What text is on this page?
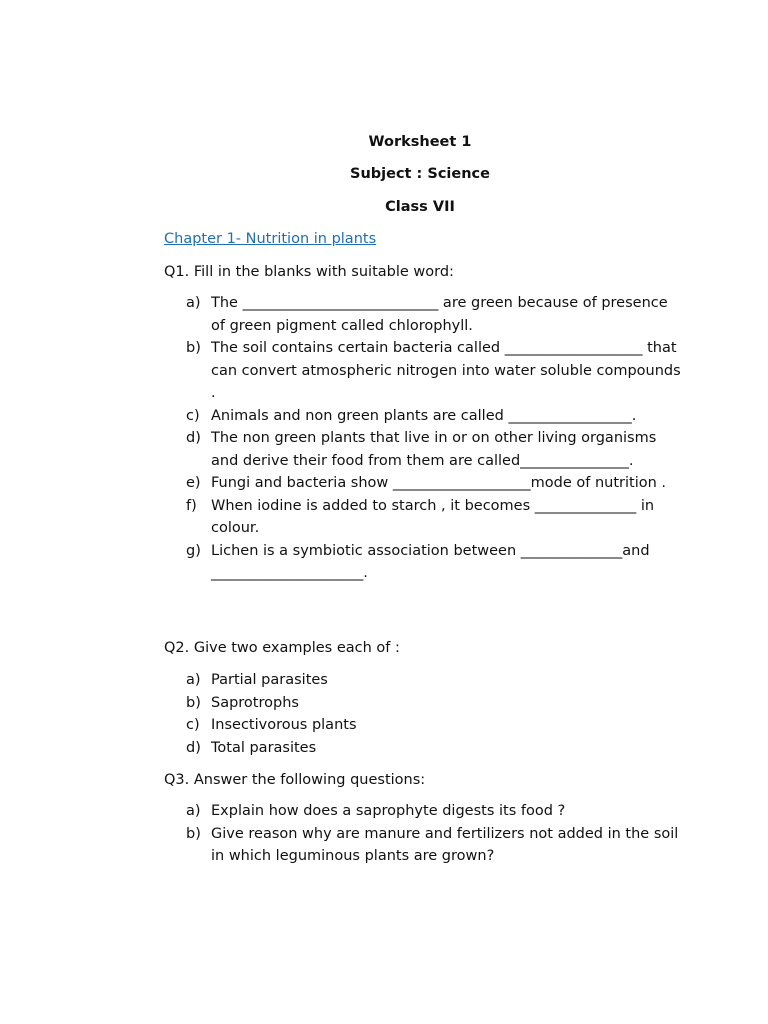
Worksheet 1
Subject : Science
Class VII
Chapter 1- Nutrition in plants
Q1. Fill in the blanks with suitable word:
a) The ___________________________ are green because of presence of green pigment called chlorophyll.
b) The soil contains certain bacteria called ___________________ that can convert atmospheric nitrogen into water soluble compounds .
c) Animals and non green plants are called _________________.
d) The non green plants that live in or on other living organisms and derive their food from them are called_______________.
e) Fungi and bacteria show ___________________mode of nutrition .
f) When iodine is added to starch , it becomes ______________ in colour.
g) Lichen is a symbiotic association between ______________and _____________________.
Q2. Give two examples each of :
a) Partial parasites
b) Saprotrophs
c) Insectivorous plants
d) Total parasites
Q3. Answer the following questions:
a) Explain how does a saprophyte digests its food ?
b) Give reason why are manure and fertilizers not added in the soil in which leguminous plants are grown?
